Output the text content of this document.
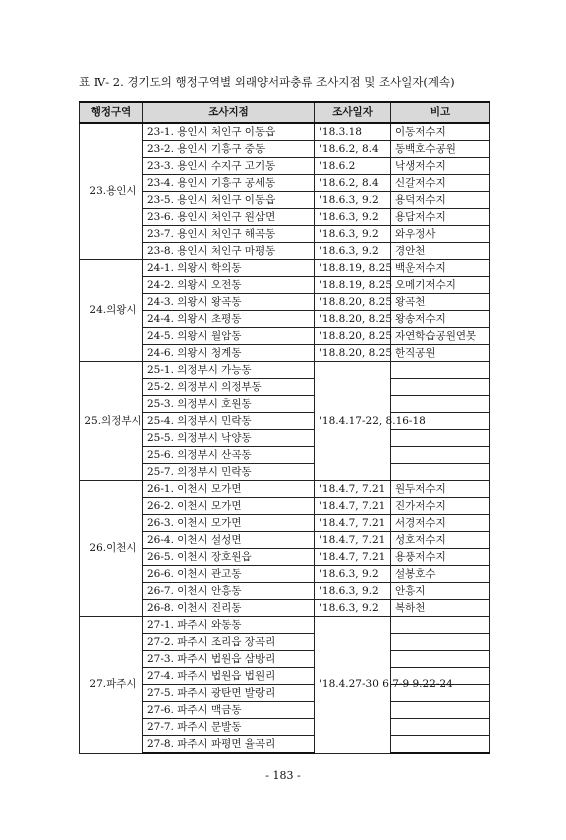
표 Ⅳ- 2. 경기도의 행정구역별 외래양서파충류 조사지점 및 조사일자(계속)
행정구역	조사지점	조사일자	비고
23.용인시	23-1. 용인시 처인구 이동읍	'18.3.18	이동저수지
	23-2. 용인시 기흥구 중동	'18.6.2, 8.4	동백호수공원
	23-3. 용인시 수지구 고기동	'18.6.2	낙생저수지
	23-4. 용인시 기흥구 공세동	'18.6.2, 8.4	신갈저수지
	23-5. 용인시 처인구 이동읍	'18.6.3, 9.2	용덕저수지
	23-6. 용인시 처인구 원삼면	'18.6.3, 9.2	용담저수지
	23-7. 용인시 처인구 해곡동	'18.6.3, 9.2	와우정사
	23-8. 용인시 처인구 마평동	'18.6.3, 9.2	경안천
24.의왕시	24-1. 의왕시 학의동	'18.8.19, 8.25	백운저수지
	24-2. 의왕시 오전동	'18.8.19, 8.25	오메기저수지
	24-3. 의왕시 왕곡동	'18.8.20, 8.25	왕곡천
	24-4. 의왕시 초평동	'18.8.20, 8.25	왕송저수지
	24-5. 의왕시 월암동	'18.8.20, 8.25	자연학습공원연못
	24-6. 의왕시 청계동	'18.8.20, 8.25	한직공원
25.의정부시	25-1. 의정부시 가능동	'18.4.17-22, 8.16-18	
	25-2. 의정부시 의정부동		
	25-3. 의정부시 호원동		
	25-4. 의정부시 민락동		
	25-5. 의정부시 낙양동		
	25-6. 의정부시 산곡동		
	25-7. 의정부시 민락동		
26.이천시	26-1. 이천시 모가면	'18.4.7, 7.21	원두저수지
	26-2. 이천시 모가면	'18.4.7, 7.21	진가저수지
	26-3. 이천시 모가면	'18.4.7, 7.21	서경저수지
	26-4. 이천시 설성면	'18.4.7, 7.21	성호저수지
	26-5. 이천시 장호원읍	'18.4.7, 7.21	용풍저수지
	26-6. 이천시 관고동	'18.6.3, 9.2	설봉호수
	26-7. 이천시 안흥동	'18.6.3, 9.2	안흥지
	26-8. 이천시 진리동	'18.6.3, 9.2	복하천
27.파주시	27-1. 파주시 와동동	'18.4.27-30 6.7-9 9.22-24	
	27-2. 파주시 조리읍 장곡리		
	27-3. 파주시 법원읍 삼방리		
	27-4. 파주시 법원읍 법원리		
	27-5. 파주시 광탄면 발랑리		
	27-6. 파주시 맥금동		
	27-7. 파주시 문발동		
	27-8. 파주시 파평면 율곡리		
- 183 -
